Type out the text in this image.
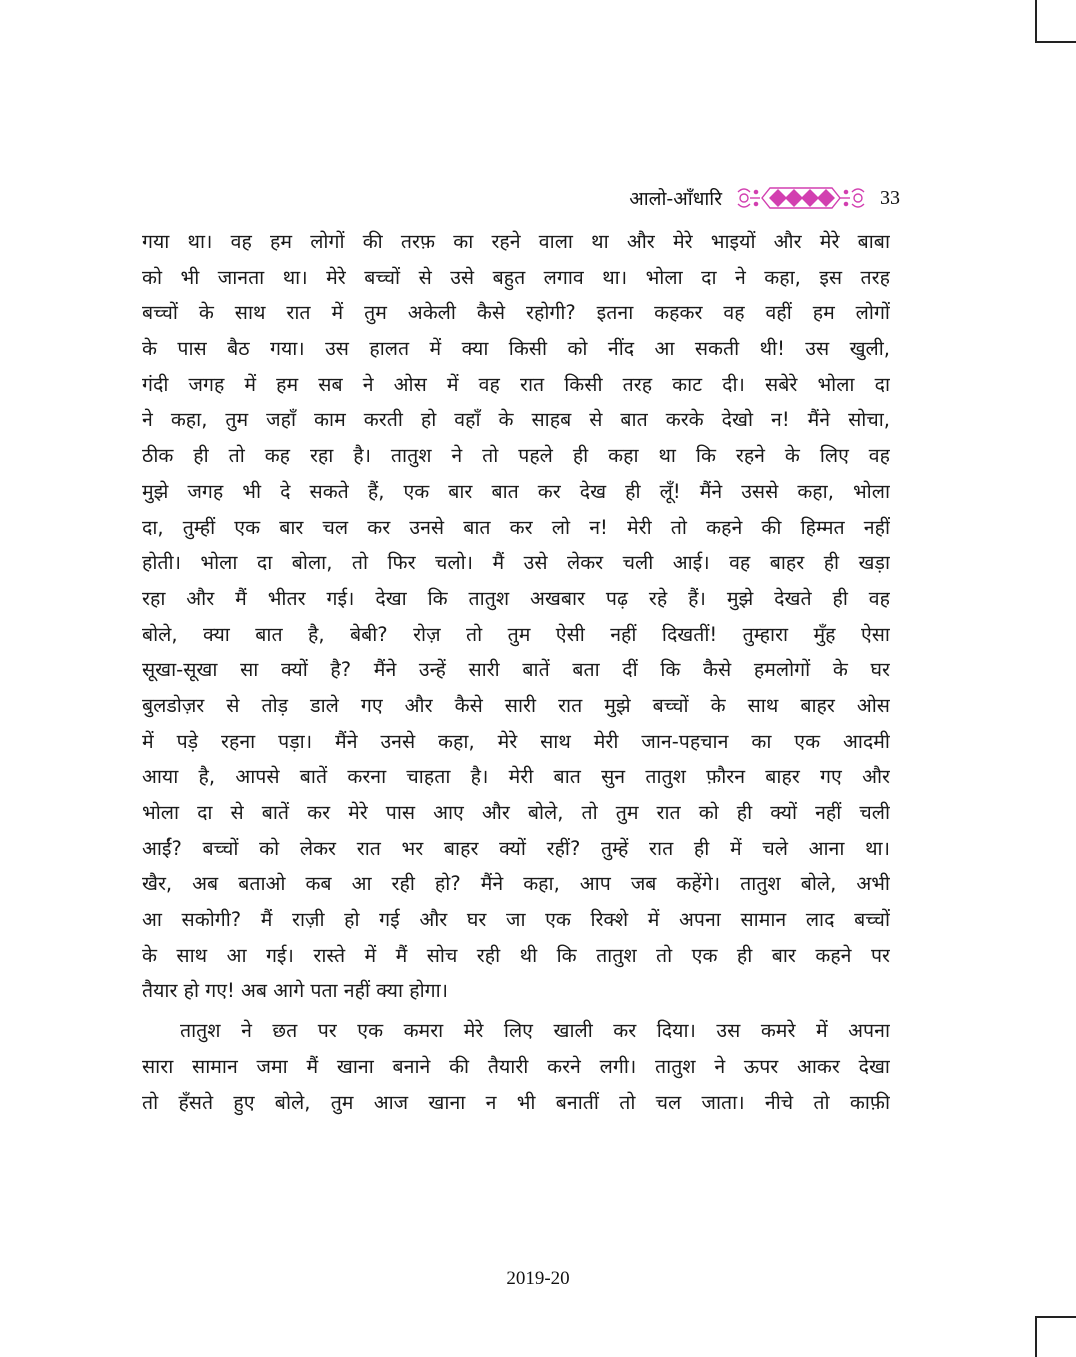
आलो-आँधारि	33
गया था। वह हम लोगों की तरफ़ का रहने वाला था और मेरे भाइयों और मेरे बाबा
को भी जानता था। मेरे बच्चों से उसे बहुत लगाव था। भोला दा ने कहा, इस तरह
बच्चों के साथ रात में तुम अकेली कैसे रहोगी? इतना कहकर वह वहीं हम लोगों
के पास बैठ गया। उस हालत में क्या किसी को नींद आ सकती थी! उस खुली,
गंदी जगह में हम सब ने ओस में वह रात किसी तरह काट दी। सबेरे भोला दा
ने कहा, तुम जहाँ काम करती हो वहाँ के साहब से बात करके देखो न! मैंने सोचा,
ठीक ही तो कह रहा है। तातुश ने तो पहले ही कहा था कि रहने के लिए वह
मुझे जगह भी दे सकते हैं, एक बार बात कर देख ही लूँ! मैंने उससे कहा, भोला
दा, तुम्हीं एक बार चल कर उनसे बात कर लो न! मेरी तो कहने की हिम्मत नहीं
होती। भोला दा बोला, तो फिर चलो। मैं उसे लेकर चली आई। वह बाहर ही खड़ा
रहा और मैं भीतर गई। देखा कि तातुश अखबार पढ़ रहे हैं। मुझे देखते ही वह
बोले, क्या बात है, बेबी? रोज़ तो तुम ऐसी नहीं दिखतीं! तुम्हारा मुँह ऐसा
सूखा-सूखा सा क्यों है? मैंने उन्हें सारी बातें बता दीं कि कैसे हमलोगों के घर
बुलडोज़र से तोड़ डाले गए और कैसे सारी रात मुझे बच्चों के साथ बाहर ओस
में पड़े रहना पड़ा। मैंने उनसे कहा, मेरे साथ मेरी जान-पहचान का एक आदमी
आया है, आपसे बातें करना चाहता है। मेरी बात सुन तातुश फ़ौरन बाहर गए और
भोला दा से बातें कर मेरे पास आए और बोले, तो तुम रात को ही क्यों नहीं चली
आईं? बच्चों को लेकर रात भर बाहर क्यों रहीं? तुम्हें रात ही में चले आना था।
खैर, अब बताओ कब आ रही हो? मैंने कहा, आप जब कहेंगे। तातुश बोले, अभी
आ सकोगी? मैं राज़ी हो गई और घर जा एक रिक्शे में अपना सामान लाद बच्चों
के साथ आ गई। रास्ते में मैं सोच रही थी कि तातुश तो एक ही बार कहने पर
तैयार हो गए! अब आगे पता नहीं क्या होगा।
तातुश ने छत पर एक कमरा मेरे लिए खाली कर दिया। उस कमरे में अपना
सारा सामान जमा मैं खाना बनाने की तैयारी करने लगी। तातुश ने ऊपर आकर देखा
तो हँसते हुए बोले, तुम आज खाना न भी बनातीं तो चल जाता। नीचे तो काफ़ी
2019-20
